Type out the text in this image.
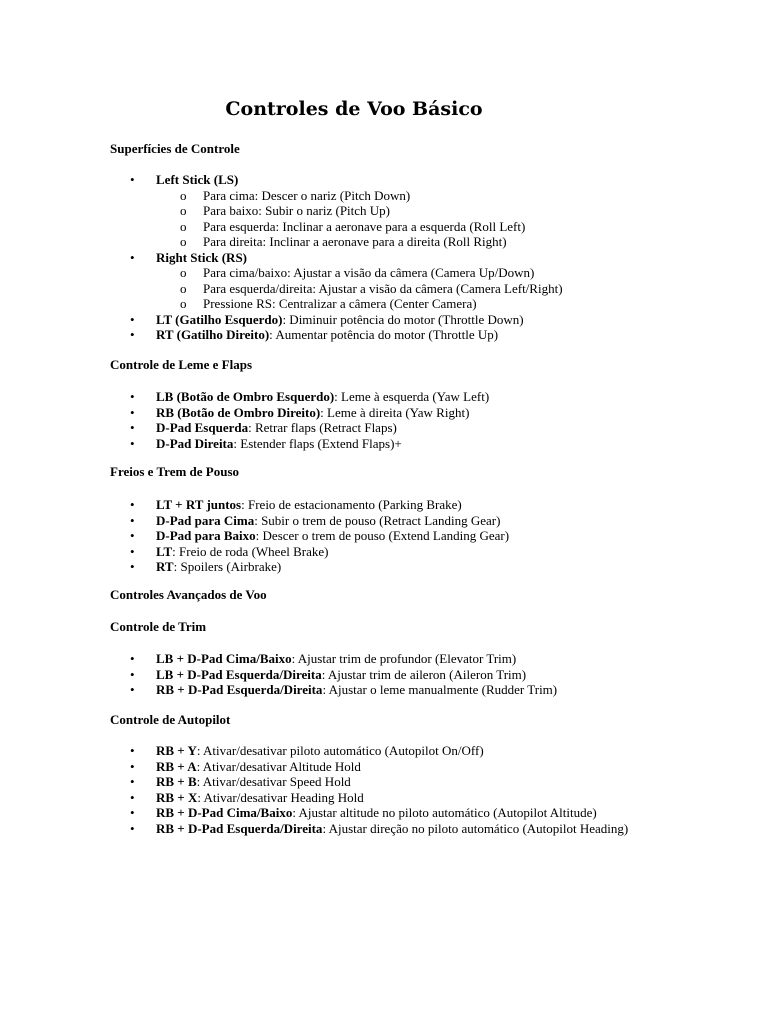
Controles de Voo Básico
Superfícies de Controle
• Left Stick (LS)
o Para cima: Descer o nariz (Pitch Down)
o Para baixo: Subir o nariz (Pitch Up)
o Para esquerda: Inclinar a aeronave para a esquerda (Roll Left)
o Para direita: Inclinar a aeronave para a direita (Roll Right)
• Right Stick (RS)
o Para cima/baixo: Ajustar a visão da câmera (Camera Up/Down)
o Para esquerda/direita: Ajustar a visão da câmera (Camera Left/Right)
o Pressione RS: Centralizar a câmera (Center Camera)
• LT (Gatilho Esquerdo): Diminuir potência do motor (Throttle Down)
• RT (Gatilho Direito): Aumentar potência do motor (Throttle Up)
Controle de Leme e Flaps
• LB (Botão de Ombro Esquerdo): Leme à esquerda (Yaw Left)
• RB (Botão de Ombro Direito): Leme à direita (Yaw Right)
• D-Pad Esquerda: Retrar flaps (Retract Flaps)
• D-Pad Direita: Estender flaps (Extend Flaps)+
Freios e Trem de Pouso
• LT + RT juntos: Freio de estacionamento (Parking Brake)
• D-Pad para Cima: Subir o trem de pouso (Retract Landing Gear)
• D-Pad para Baixo: Descer o trem de pouso (Extend Landing Gear)
• LT: Freio de roda (Wheel Brake)
• RT: Spoilers (Airbrake)
Controles Avançados de Voo
Controle de Trim
• LB + D-Pad Cima/Baixo: Ajustar trim de profundor (Elevator Trim)
• LB + D-Pad Esquerda/Direita: Ajustar trim de aileron (Aileron Trim)
• RB + D-Pad Esquerda/Direita: Ajustar o leme manualmente (Rudder Trim)
Controle de Autopilot
• RB + Y: Ativar/desativar piloto automático (Autopilot On/Off)
• RB + A: Ativar/desativar Altitude Hold
• RB + B: Ativar/desativar Speed Hold
• RB + X: Ativar/desativar Heading Hold
• RB + D-Pad Cima/Baixo: Ajustar altitude no piloto automático (Autopilot Altitude)
• RB + D-Pad Esquerda/Direita: Ajustar direção no piloto automático (Autopilot Heading)
